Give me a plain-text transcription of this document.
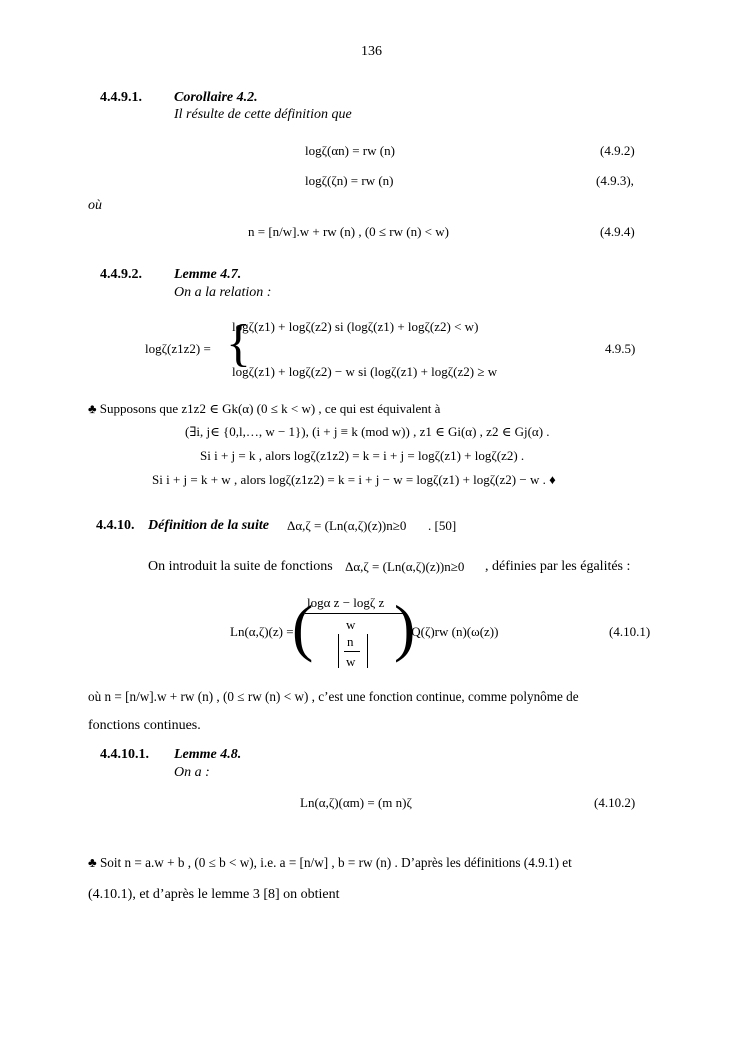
136
4.4.9.1. Corollaire 4.2.
Il résulte de cette définition que
logζ(αn) = rw (n)	(4.9.2)
logζ(ζn) = rw (n)	(4.9.3),
où
n = [n/w].w + rw (n) , (0 ≤ rw (n) < w)	(4.9.4)
4.4.9.2. Lemme 4.7.
On a la relation :
logζ(z1z2) = {
logζ(z1) + logζ(z2) si (logζ(z1) + logζ(z2) < w)
logζ(z1) + logζ(z2) − w si (logζ(z1) + logζ(z2) ≥ w
4.9.5)
♣ Supposons que z1z2 ∈ Gk(α) (0 ≤ k < w) , ce qui est équivalent à
(∃i, j∈ {0,l,…, w − 1}), (i + j ≡ k (mod w)) , z1 ∈ Gi(α) , z2 ∈ Gj(α) .
Si i + j = k , alors logζ(z1z2) = k = i + j = logζ(z1) + logζ(z2) .
Si i + j = k + w , alors logζ(z1z2) = k = i + j − w = logζ(z1) + logζ(z2) − w . ♦
4.4.10. Définition de la suite Δα,ζ = (Ln(α,ζ)(z))n≥0 . [50]
On introduit la suite de fonctions Δα,ζ = (Ln(α,ζ)(z))n≥0 , définies par les égalités :
Ln(α,ζ)(z) =
(
logα z − logζ z
w
n
w )
.Q(ζ)rw (n)(ω(z))	(4.10.1)
où n = [n/w].w + rw (n) , (0 ≤ rw (n) < w) , c’est une fonction continue, comme polynôme de
fonctions continues.
4.4.10.1. Lemme 4.8.
On a :
Ln(α,ζ)(αm) = (m n)ζ	(4.10.2)
♣ Soit n = a.w + b , (0 ≤ b < w), i.e. a = [n/w] , b = rw (n) . D’après les définitions (4.9.1) et
(4.10.1), et d’après le lemme 3 [8] on obtient
